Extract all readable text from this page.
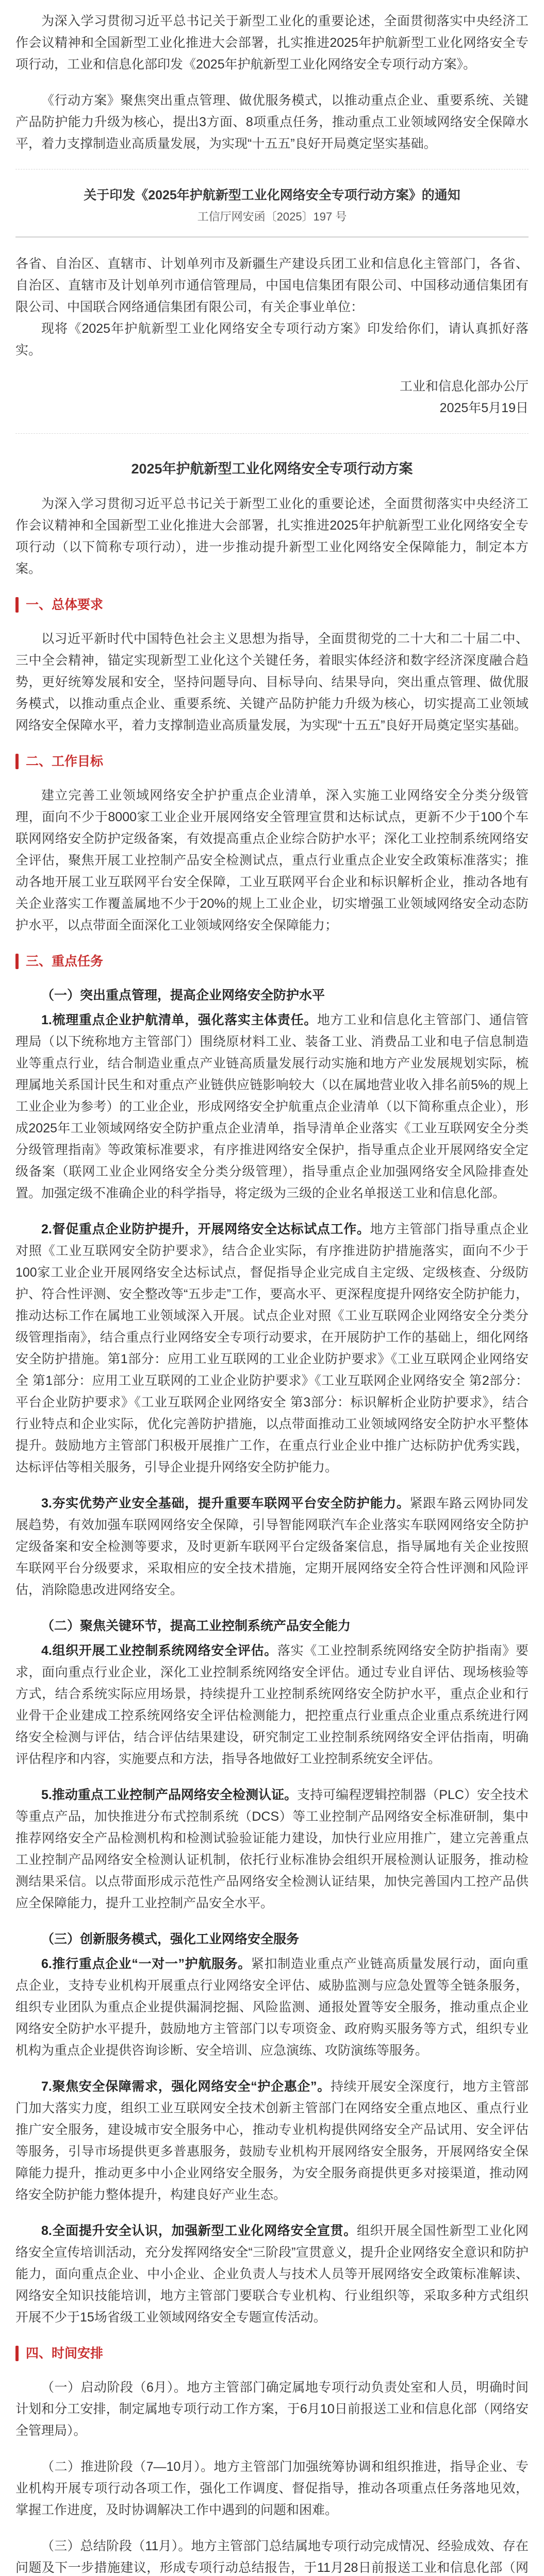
为深入学习贯彻习近平总书记关于新型工业化的重要论述，全面贯彻落实中央经济工作会议精神和全国新型工业化推进大会部署，扎实推进2025年护航新型工业化网络安全专项行动，工业和信息化部印发《2025年护航新型工业化网络安全专项行动方案》。

《行动方案》聚焦突出重点管理、做优服务模式，以推动重点企业、重要系统、关键产品防护能力升级为核心，提出3方面、8项重点任务，推动重点工业领域网络安全保障水平，着力支撑制造业高质量发展，为实现“十五五”良好开局奠定坚实基础。

关于印发《2025年护航新型工业化网络安全专项行动方案》的通知
工信厅网安函〔2025〕197 号

各省、自治区、直辖市、计划单列市及新疆生产建设兵团工业和信息化主管部门，各省、自治区、直辖市及计划单列市通信管理局，中国电信集团有限公司、中国移动通信集团有限公司、中国联合网络通信集团有限公司，有关企事业单位：

现将《2025年护航新型工业化网络安全专项行动方案》印发给你们，请认真抓好落实。

工业和信息化部办公厅
2025年5月19日
2025年护航新型工业化网络安全专项行动方案

为深入学习贯彻习近平总书记关于新型工业化的重要论述，全面贯彻落实中央经济工作会议精神和全国新型工业化推进大会部署，扎实推进2025年护航新型工业化网络安全专项行动（以下简称专项行动），进一步推动提升新型工业化网络安全保障能力，制定本方案。

一、总体要求

以习近平新时代中国特色社会主义思想为指导，全面贯彻党的二十大和二十届二中、三中全会精神，锚定实现新型工业化这个关键任务，着眼实体经济和数字经济深度融合趋势，更好统筹发展和安全，坚持问题导向、目标导向、结果导向，突出重点管理、做优服务模式，以推动重点企业、重要系统、关键产品防护能力升级为核心，切实提高工业领域网络安全保障水平，着力支撑制造业高质量发展，为实现“十五五”良好开局奠定坚实基础。

二、工作目标

建立完善工业领域网络安全护护重点企业清单，深入实施工业网络安全分类分级管理，面向不少于8000家工业企业开展网络安全管理宣贯和达标试点，更新不少于100个车联网网络安全防护定级备案，有效提高重点企业综合防护水平；深化工业控制系统网络安全评估，聚焦开展工业控制产品安全检测试点，重点行业重点企业安全政策标准落实；推动各地开展工业互联网平台安全保障，工业互联网平台企业和标识解析企业，推动各地有关企业落实工作覆盖属地不少于20%的规上工业企业，切实增强工业领域网络安全动态防护水平，以点带面全面深化工业领域网络安全保障能力；

三、重点任务

（一）突出重点管理，提高企业网络安全防护水平

1.梳理重点企业护航清单，强化落实主体责任。地方工业和信息化主管部门、通信管理局（以下统称地方主管部门）围绕原材料工业、装备工业、消费品工业和电子信息制造业等重点行业，结合制造业重点产业链高质量发展行动实施和地方产业发展规划实际，梳理属地关系国计民生和对重点产业链供应链影响较大（以在属地营业收入排名前5%的规上工业企业为参考）的工业企业，形成网络安全护航重点企业清单（以下简称重点企业），形成2025年工业领域网络安全防护重点企业清单，指导清单企业落实《工业互联网安全分类分级管理指南》等政策标准要求，有序推进网络安全保护，指导重点企业开展网络安全定级备案（联网工业企业网络安全分类分级管理），指导重点企业加强网络安全风险排查处置。加强定级不准确企业的科学指导，将定级为三级的企业名单报送工业和信息化部。

2.督促重点企业防护提升，开展网络安全达标试点工作。地方主管部门指导重点企业对照《工业互联网安全防护要求》，结合企业实际，有序推进防护措施落实，面向不少于100家工业企业开展网络安全达标试点，督促指导企业完成自主定级、定级核查、分级防护、符合性评测、安全整改等“五步走”工作，要高水平、更深程度提升网络安全防护能力，推动达标工作在属地工业领域深入开展。试点企业对照《工业互联网企业网络安全分类分级管理指南》，结合重点行业网络安全专项行动要求，在开展防护工作的基础上，细化网络安全防护措施。第1部分：应用工业互联网的工业企业防护要求》《工业互联网企业网络安全 第1部分：应用工业互联网的工业企业防护要求》《工业互联网企业网络安全 第2部分：平台企业防护要求》《工业互联网企业网络安全 第3部分：标识解析企业防护要求》，结合行业特点和企业实际，优化完善防护措施，以点带面推动工业领域网络安全防护水平整体提升。鼓励地方主管部门积极开展推广工作，在重点行业企业中推广达标防护优秀实践，达标评估等相关服务，引导企业提升网络安全防护能力。

3.夯实优势产业安全基础，提升重要车联网平台安全防护能力。紧跟车路云网协同发展趋势，有效加强车联网网络安全保障，引导智能网联汽车企业落实车联网网络安全防护定级备案和安全检测等要求，及时更新车联网平台定级备案信息，指导属地有关企业按照车联网平台分级要求，采取相应的安全技术措施，定期开展网络安全符合性评测和风险评估，消除隐患改进网络安全。

（二）聚焦关键环节，提高工业控制系统产品安全能力

4.组织开展工业控制系统网络安全评估。落实《工业控制系统网络安全防护指南》要求，面向重点行业企业，深化工业控制系统网络安全评估。通过专业自评估、现场核验等方式，结合系统实际应用场景，持续提升工业控制系统网络安全防护水平，重点企业和行业骨干企业建成工控系统网络安全评估检测能力，把控重点行业重点企业重点系统进行网络安全检测与评估，结合评估结果建设，研究制定工业控制系统网络安全评估指南，明确评估程序和内容，实施要点和方法，指导各地做好工业控制系统安全评估。

5.推动重点工业控制产品网络安全检测认证。支持可编程逻辑控制器（PLC）安全技术等重点产品，加快推进分布式控制系统（DCS）等工业控制产品网络安全标准研制，集中推荐网络安全产品检测机构和检测试验验证能力建设，加快行业应用推广，建立完善重点工业控制产品网络安全检测认证机制，依托行业标准协会组织开展检测认证服务，推动检测结果采信。以点带面形成示范性产品网络安全检测认证结果，加快完善国内工控产品供应全保障能力，提升工业控制产品安全水平。

（三）创新服务模式，强化工业网络安全服务

6.推行重点企业“一对一”护航服务。紧扣制造业重点产业链高质量发展行动，面向重点企业，支持专业机构开展重点行业网络安全评估、威胁监测与应急处置等全链条服务，组织专业团队为重点企业提供漏洞挖掘、风险监测、通报处置等安全服务，推动重点企业网络安全防护水平提升，鼓励地方主管部门以专项资金、政府购买服务等方式，组织专业机构为重点企业提供咨询诊断、安全培训、应急演练、攻防演练等服务。

7.聚焦安全保障需求，强化网络安全“护企惠企”。持续开展安全深度行，地方主管部门加大落实力度，组织工业互联网安全技术创新主管部门在网络安全重点地区、重点行业推广安全服务，建设城市安全服务中心，推动专业机构提供网络安全产品试用、安全评估等服务，引导市场提供更多普惠服务，鼓励专业机构开展网络安全服务，开展网络安全保障能力提升，推动更多中小企业网络安全服务，为安全服务商提供更多对接渠道，推动网络安全防护能力整体提升，构建良好产业生态。

8.全面提升安全认识，加强新型工业化网络安全宣贯。组织开展全国性新型工业化网络安全宣传培训活动，充分发挥网络安全“三阶段”宣贯意义，提升企业网络安全意识和防护能力，面向重点企业、中小企业、企业负责人与技术人员等开展网络安全政策标准解读、网络安全知识技能培训，地方主管部门要联合专业机构、行业组织等，采取多种方式组织开展不少于15场省级工业领域网络安全专题宣传活动。

四、时间安排

（一）启动阶段（6月）。地方主管部门确定属地专项行动负责处室和人员，明确时间计划和分工安排，制定属地专项行动工作方案，于6月10日前报送工业和信息化部（网络安全管理局）。

（二）推进阶段（7—10月）。地方主管部门加强统筹协调和组织推进，指导企业、专业机构开展专项行动各项工作，强化工作调度、督促指导，推动各项重点任务落地见效，掌握工作进度，及时协调解决工作中遇到的问题和困难。

（三）总结阶段（11月）。地方主管部门总结属地专项行动完成情况、经验成效、存在问题及下一步措施建议，形成专项行动总结报告，于11月28日前报送工业和信息化部（网
